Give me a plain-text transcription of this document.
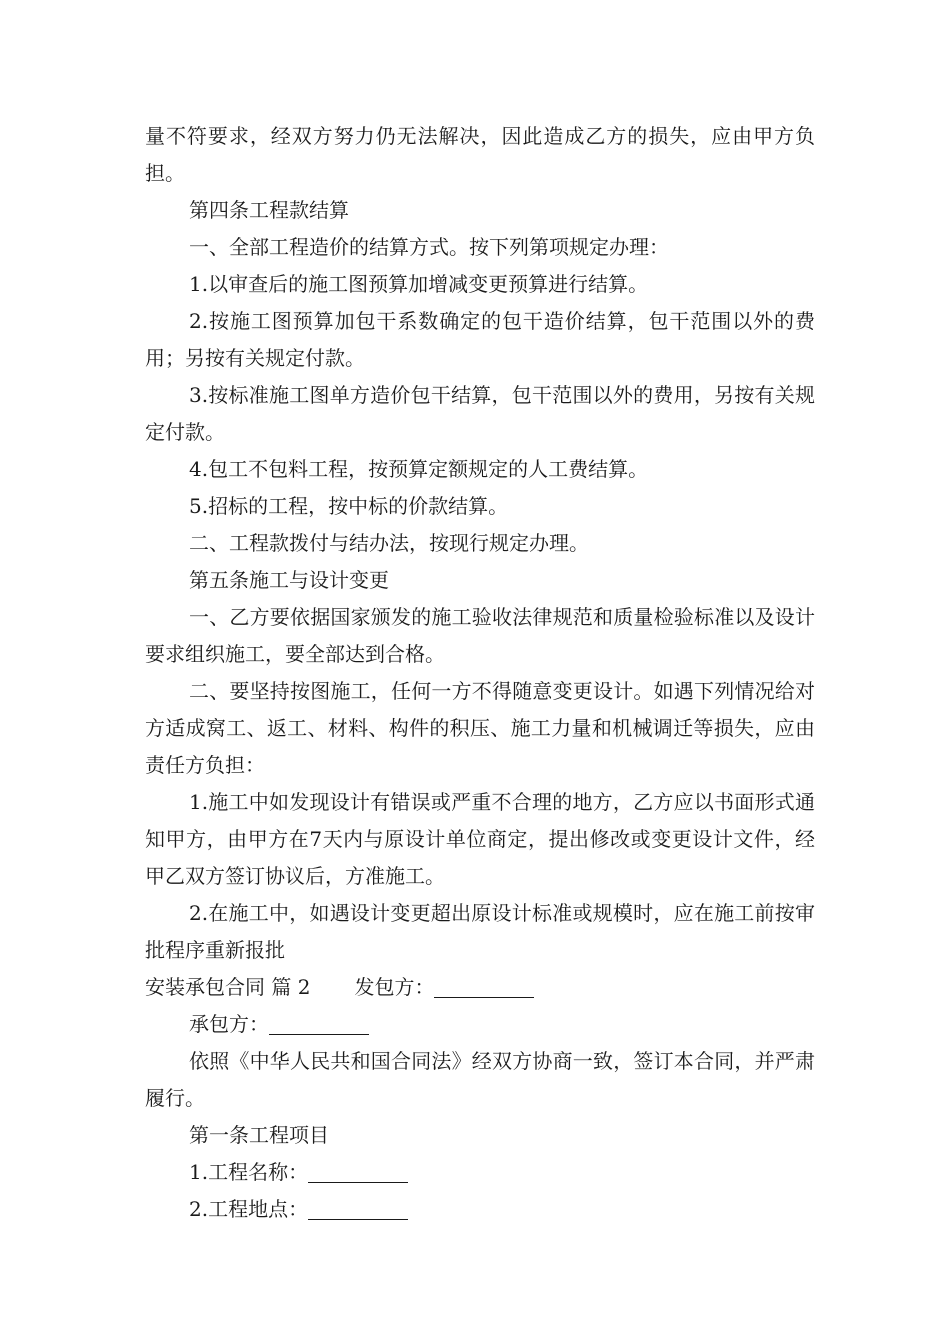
量不符要求，经双方努力仍无法解决，因此造成乙方的损失，应由甲方负担。

第四条工程款结算

一、全部工程造价的结算方式。按下列第项规定办理：

1.以审查后的施工图预算加增减变更预算进行结算。

2.按施工图预算加包干系数确定的包干造价结算，包干范围以外的费用；另按有关规定付款。

3.按标准施工图单方造价包干结算，包干范围以外的费用，另按有关规定付款。

4.包工不包料工程，按预算定额规定的人工费结算。

5.招标的工程，按中标的价款结算。

二、工程款拨付与结办法，按现行规定办理。

第五条施工与设计变更

一、乙方要依据国家颁发的施工验收法律规范和质量检验标准以及设计要求组织施工，要全部达到合格。

二、要坚持按图施工，任何一方不得随意变更设计。如遇下列情况给对方适成窝工、返工、材料、构件的积压、施工力量和机械调迁等损失，应由责任方负担：

1.施工中如发现设计有错误或严重不合理的地方，乙方应以书面形式通知甲方，由甲方在7天内与原设计单位商定，提出修改或变更设计文件，经甲乙双方签订协议后，方准施工。

2.在施工中，如遇设计变更超出原设计标准或规模时，应在施工前按审批程序重新报批

安装承包合同 篇 2 发包方：

承包方：

依照《中华人民共和国合同法》经双方协商一致，签订本合同，并严肃履行。

第一条工程项目

1.工程名称：

2.工程地点：
